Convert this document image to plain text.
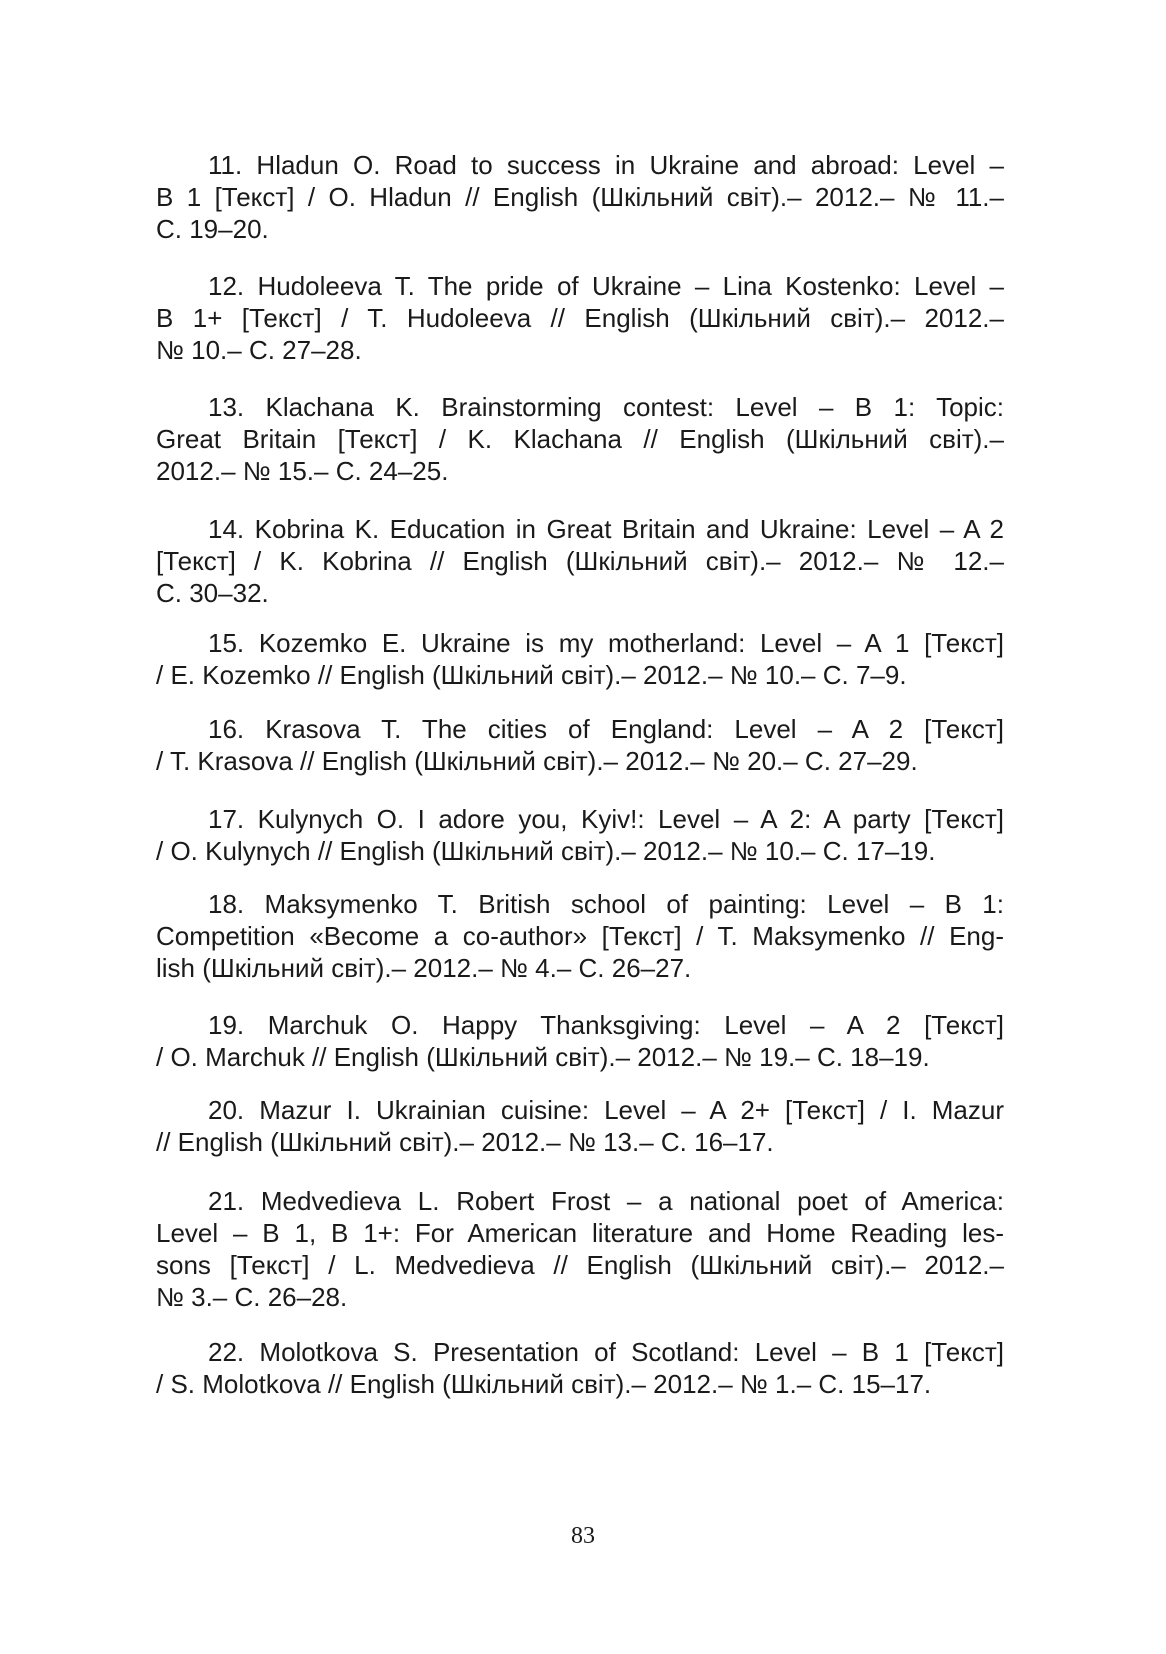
11. Hladun O. Road to success in Ukraine and abroad: Level –
B 1 [Текст] / O. Hladun // English (Шкільний світ).– 2012.– № 11.–
С. 19–20.
12. Hudoleeva T. The pride of Ukraine – Lina Kostenko: Level –
B 1+ [Текст] / T. Hudoleeva // English (Шкільний світ).– 2012.–
№ 10.– С. 27–28.
13. Klachana K. Brainstorming contest: Level – B 1: Topic:
Great Britain [Текст] / K. Klachana // English (Шкільний світ).–
2012.– № 15.– С. 24–25.
14. Kobrina K. Education in Great Britain and Ukraine: Level – A 2
[Текст] / K. Kobrina // English (Шкільний світ).– 2012.– № 12.–
С. 30–32.
15. Kozemko E. Ukraine is my motherland: Level – A 1 [Текст]
/ E. Kozemko // English (Шкільний світ).– 2012.– № 10.– С. 7–9.
16. Krasova T. The cities of England: Level – A 2 [Текст]
/ T. Krasova // English (Шкільний світ).– 2012.– № 20.– С. 27–29.
17. Kulynych O. I adore you, Kyiv!: Level – A 2: A party [Текст]
/ O. Kulynych // English (Шкільний світ).– 2012.– № 10.– С. 17–19.
18. Maksymenko T. British school of painting: Level – B 1:
Competition «Become a co-author» [Текст] / T. Maksymenko // Eng-
lish (Шкільний світ).– 2012.– № 4.– С. 26–27.
19. Marchuk O. Happy Thanksgiving: Level – A 2 [Текст]
/ O. Marchuk // English (Шкільний світ).– 2012.– № 19.– С. 18–19.
20. Mazur I. Ukrainian cuisine: Level – A 2+ [Текст] / I. Mazur
// English (Шкільний світ).– 2012.– № 13.– С. 16–17.
21. Medvedieva L. Robert Frost – a national poet of America:
Level – B 1, B 1+: For American literature and Home Reading les-
sons [Текст] / L. Medvedieva // English (Шкільний світ).– 2012.–
№ 3.– С. 26–28.
22. Molotkova S. Presentation of Scotland: Level – B 1 [Текст]
/ S. Molotkova // English (Шкільний світ).– 2012.– № 1.– С. 15–17.
83
